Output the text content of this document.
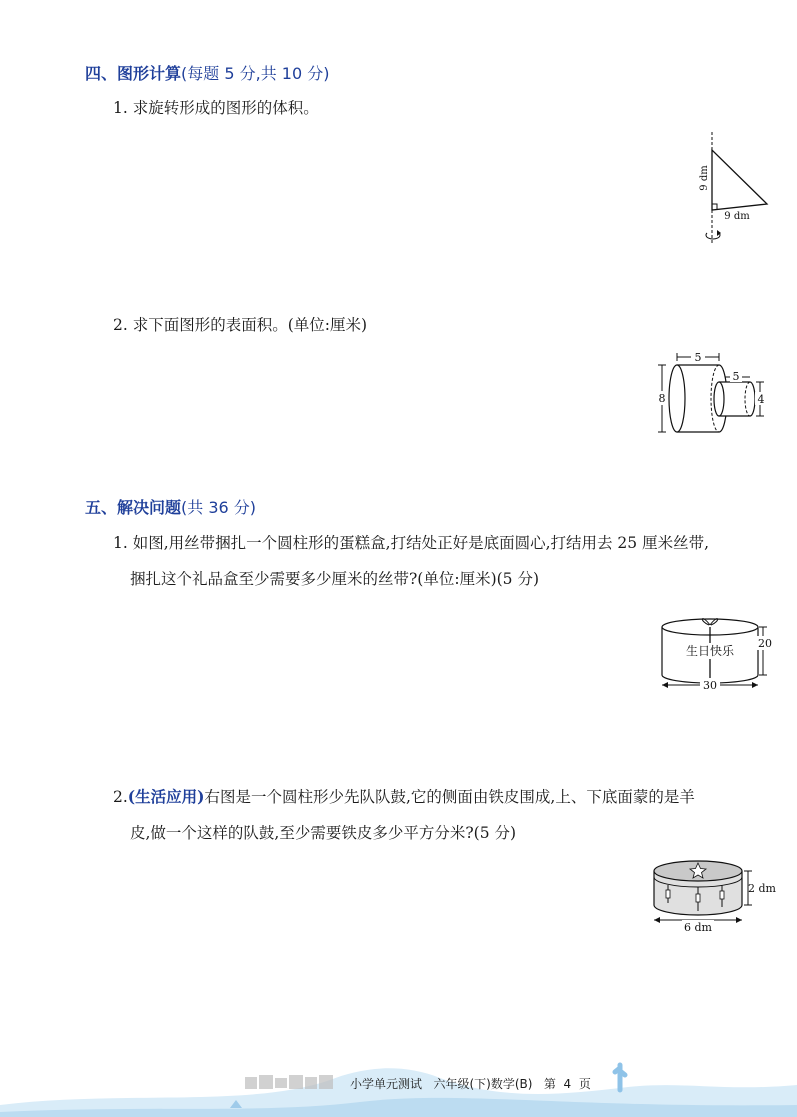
四、图形计算(每题 5 分,共 10 分)
1. 求旋转形成的图形的体积。
9 dm
9 dm
2. 求下面图形的表面积。(单位:厘米)
5
8
5
4
五、解决问题(共 36 分)
1. 如图,用丝带捆扎一个圆柱形的蛋糕盒,打结处正好是底面圆心,打结用去 25 厘米丝带,
捆扎这个礼品盒至少需要多少厘米的丝带?(单位:厘米)(5 分)
生日快乐
20
30
2.(生活应用)右图是一个圆柱形少先队队鼓,它的侧面由铁皮围成,上、下底面蒙的是羊
皮,做一个这样的队鼓,至少需要铁皮多少平方分米?(5 分)
2 dm
6 dm
小学单元测试 六年级(下)数学(B) 第 4 页
